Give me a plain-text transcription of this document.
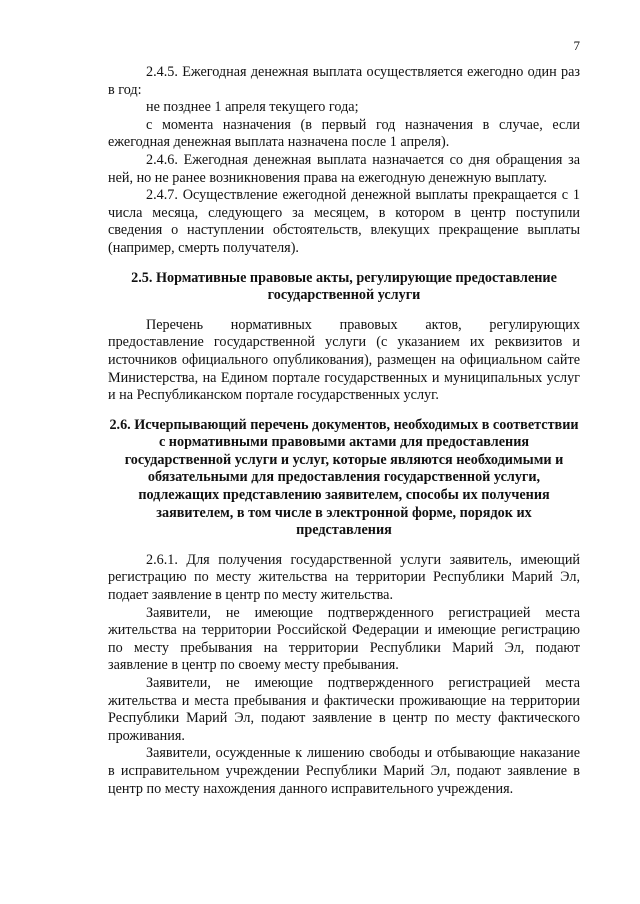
7

2.4.5. Ежегодная денежная выплата осуществляется ежегодно один раз в год:

не позднее 1 апреля текущего года;

с момента назначения (в первый год назначения в случае, если ежегодная денежная выплата назначена после 1 апреля).

2.4.6. Ежегодная денежная выплата назначается со дня обращения за ней, но не ранее возникновения права на ежегодную денежную выплату.

2.4.7. Осуществление ежегодной денежной выплаты прекращается с 1 числа месяца, следующего за месяцем, в котором в центр поступили сведения о наступлении обстоятельств, влекущих прекращение выплаты (например, смерть получателя).

2.5. Нормативные правовые акты, регулирующие предоставление государственной услуги

Перечень нормативных правовых актов, регулирующих предоставление государственной услуги (с указанием их реквизитов и источников официального опубликования), размещен на официальном сайте Министерства, на Едином портале государственных и муниципальных услуг и на Республиканском портале государственных услуг.

2.6. Исчерпывающий перечень документов, необходимых в соответствии с нормативными правовыми актами для предоставления государственной услуги и услуг, которые являются необходимыми и обязательными для предоставления государственной услуги, подлежащих представлению заявителем, способы их получения заявителем, в том числе в электронной форме, порядок их представления

2.6.1. Для получения государственной услуги заявитель, имеющий регистрацию по месту жительства на территории Республики Марий Эл, подает заявление в центр по месту жительства.

Заявители, не имеющие подтвержденного регистрацией места жительства на территории Российской Федерации и имеющие регистрацию по месту пребывания на территории Республики Марий Эл, подают заявление в центр по своему месту пребывания.

Заявители, не имеющие подтвержденного регистрацией места жительства и места пребывания и фактически проживающие на территории Республики Марий Эл, подают заявление в центр по месту фактического проживания.

Заявители, осужденные к лишению свободы и отбывающие наказание в исправительном учреждении Республики Марий Эл, подают заявление в центр по месту нахождения данного исправительного учреждения.
